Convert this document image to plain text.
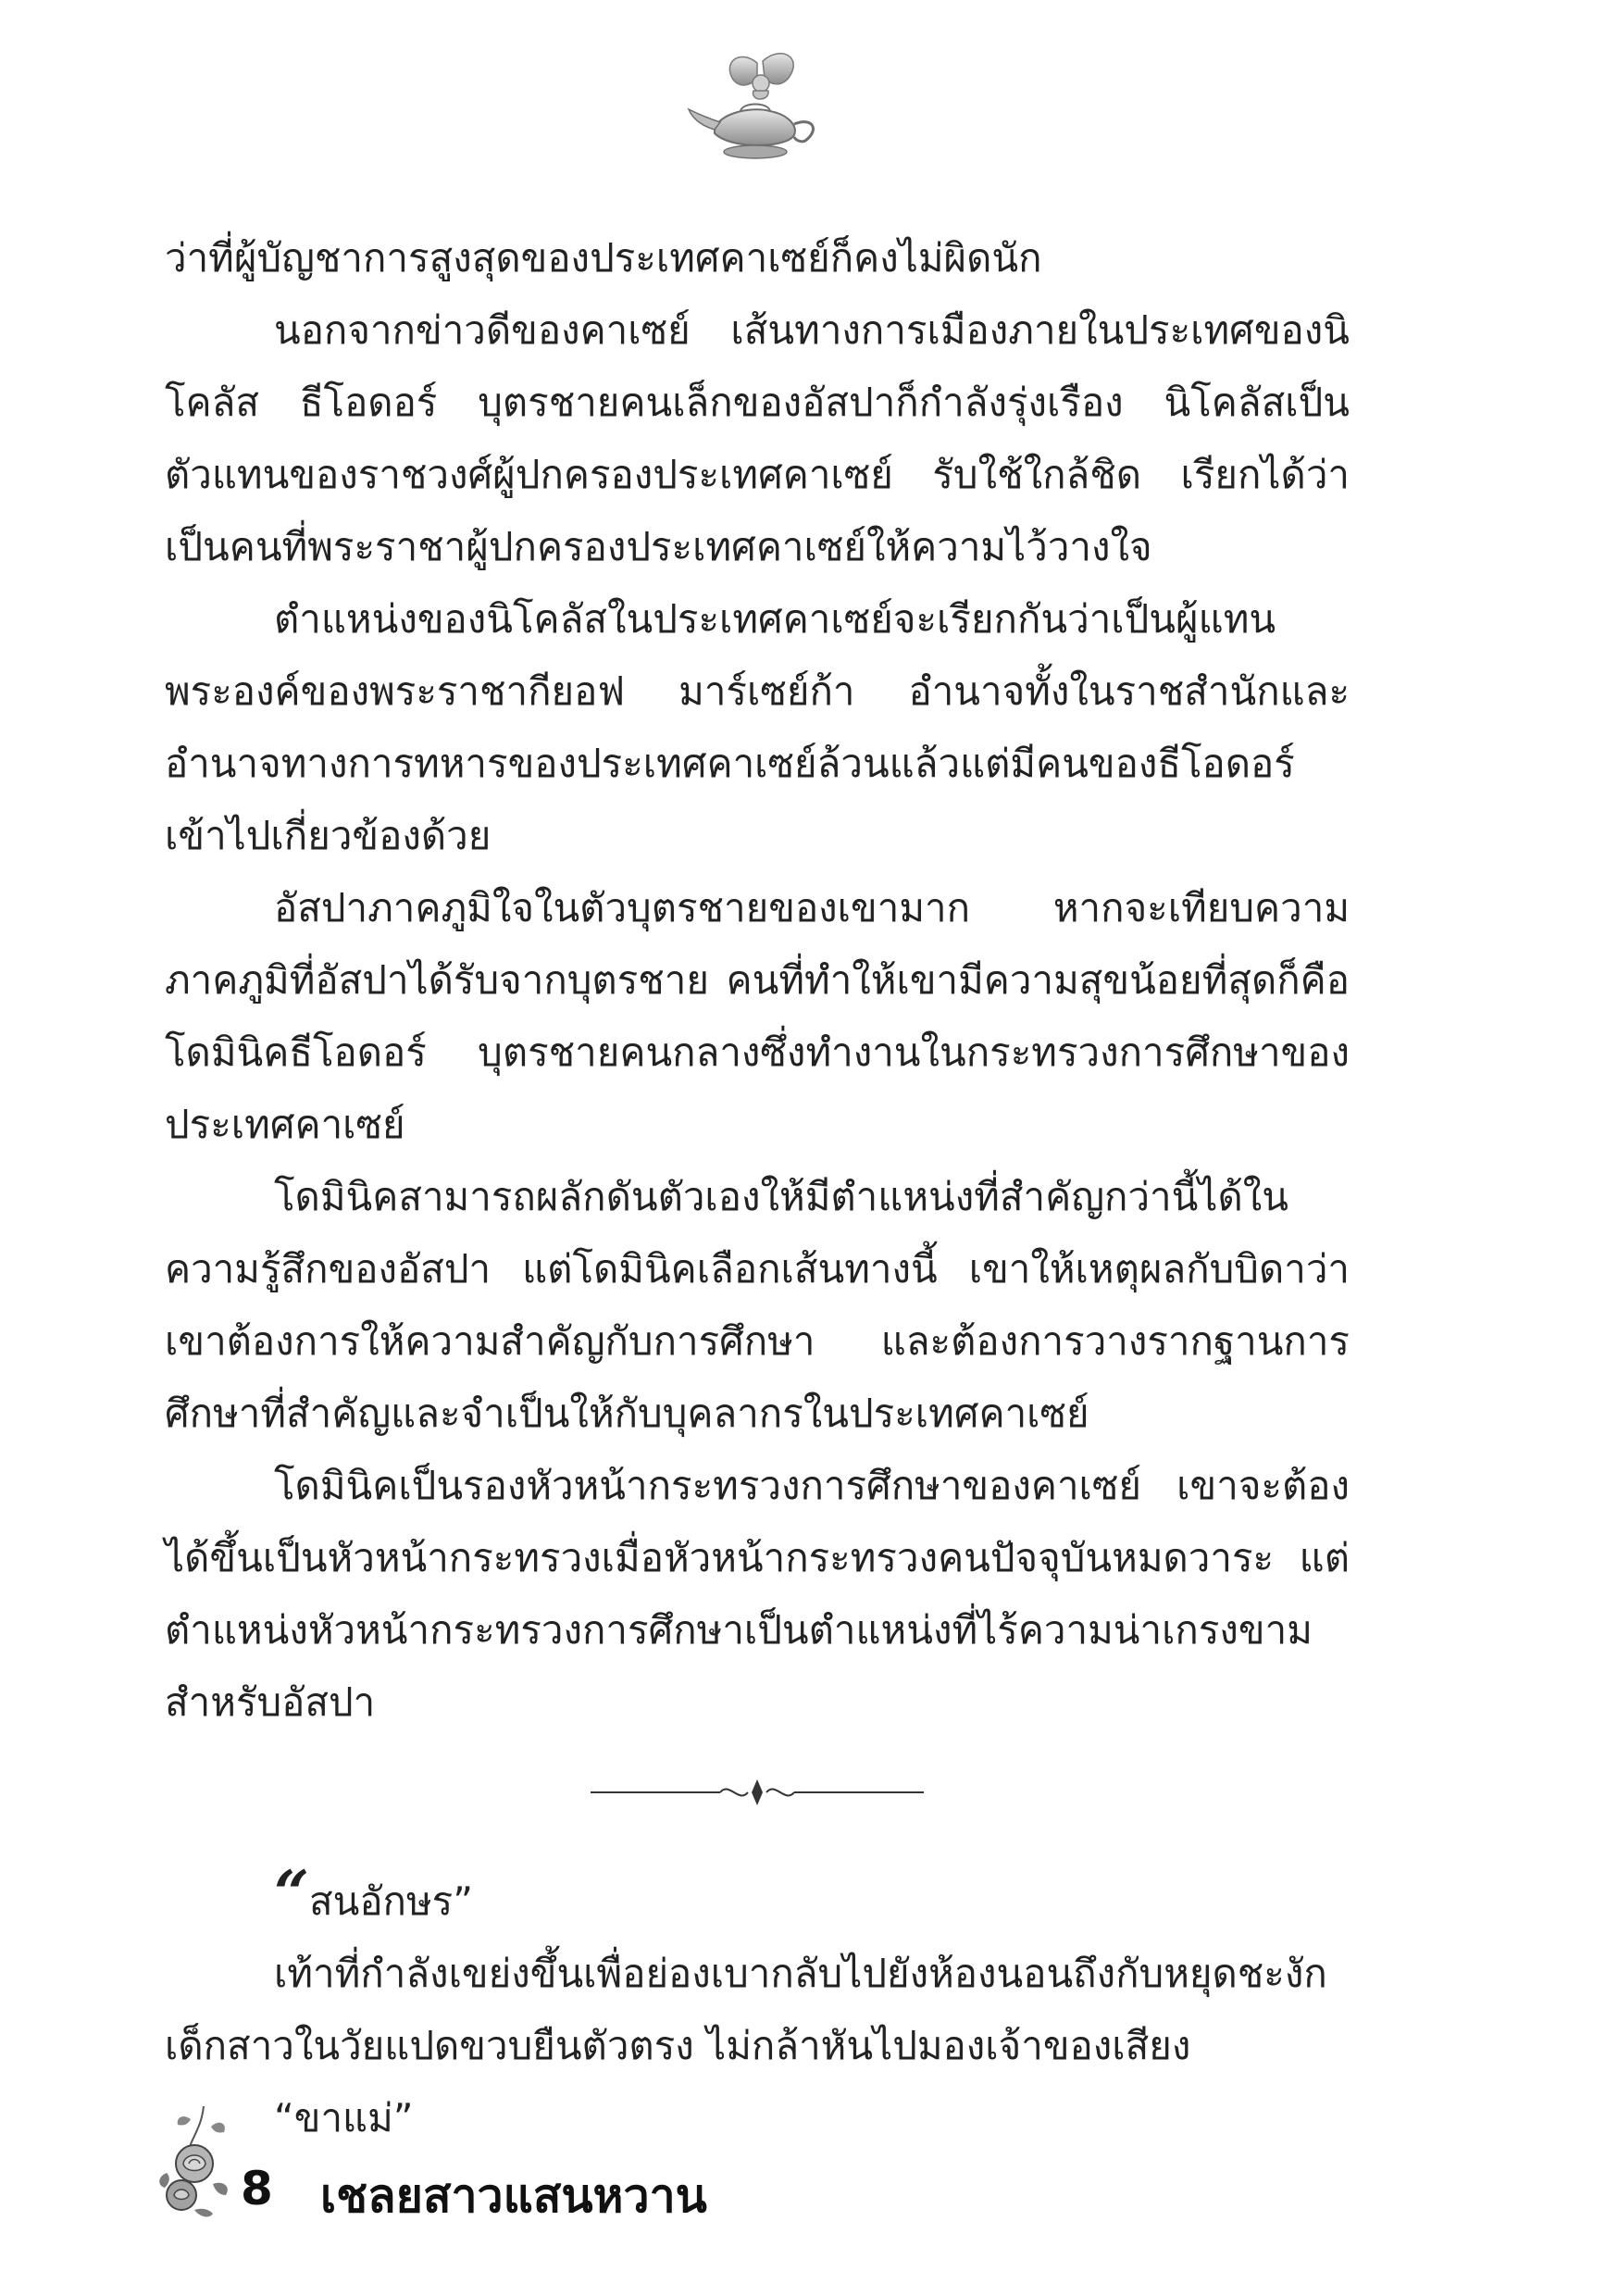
ว่าที่ผู้บัญชาการสูงสุดของประเทศคาเซย์ก็คงไม่ผิดนัก

นอกจากข่าวดีของคาเซย์ เส้นทางการเมืองภายในประเทศของนิโคลัส ธีโอดอร์ บุตรชายคนเล็กของอัสปาก็กำลังรุ่งเรือง นิโคลัสเป็นตัวแทนของราชวงศ์ผู้ปกครองประเทศคาเซย์ รับใช้ใกล้ชิด เรียกได้ว่าเป็นคนที่พระราชาผู้ปกครองประเทศคาเซย์ให้ความไว้วางใจ

ตำแหน่งของนิโคลัสในประเทศคาเซย์จะเรียกกันว่าเป็นผู้แทนพระองค์ของพระราชากียอฟ มาร์เซย์ก้า อำนาจทั้งในราชสำนักและอำนาจทางการทหารของประเทศคาเซย์ล้วนแล้วแต่มีคนของธีโอดอร์เข้าไปเกี่ยวข้องด้วย

อัสปาภาคภูมิใจในตัวบุตรชายของเขามาก หากจะเทียบความภาคภูมิที่อัสปาได้รับจากบุตรชาย คนที่ทำให้เขามีความสุขน้อยที่สุดก็คือ โดมินิคธีโอดอร์ บุตรชายคนกลางซึ่งทำงานในกระทรวงการศึกษาของประเทศคาเซย์

โดมินิคสามารถผลักดันตัวเองให้มีตำแหน่งที่สำคัญกว่านี้ได้ในความรู้สึกของอัสปา แต่โดมินิคเลือกเส้นทางนี้ เขาให้เหตุผลกับบิดาว่าเขาต้องการให้ความสำคัญกับการศึกษา และต้องการวางรากฐานการศึกษาที่สำคัญและจำเป็นให้กับบุคลากรในประเทศคาเซย์

โดมินิคเป็นรองหัวหน้ากระทรวงการศึกษาของคาเซย์ เขาจะต้องได้ขึ้นเป็นหัวหน้ากระทรวงเมื่อหัวหน้ากระทรวงคนปัจจุบันหมดวาระ แต่ตำแหน่งหัวหน้ากระทรวงการศึกษาเป็นตำแหน่งที่ไร้ความน่าเกรงขามสำหรับอัสปา

“สนอักษร”

เท้าที่กำลังเขย่งขึ้นเพื่อย่องเบากลับไปยังห้องนอนถึงกับหยุดชะงักเด็กสาวในวัยแปดขวบยืนตัวตรง ไม่กล้าหันไปมองเจ้าของเสียง

“ขาแม่”
8 เชลยสาวแสนหวาน
